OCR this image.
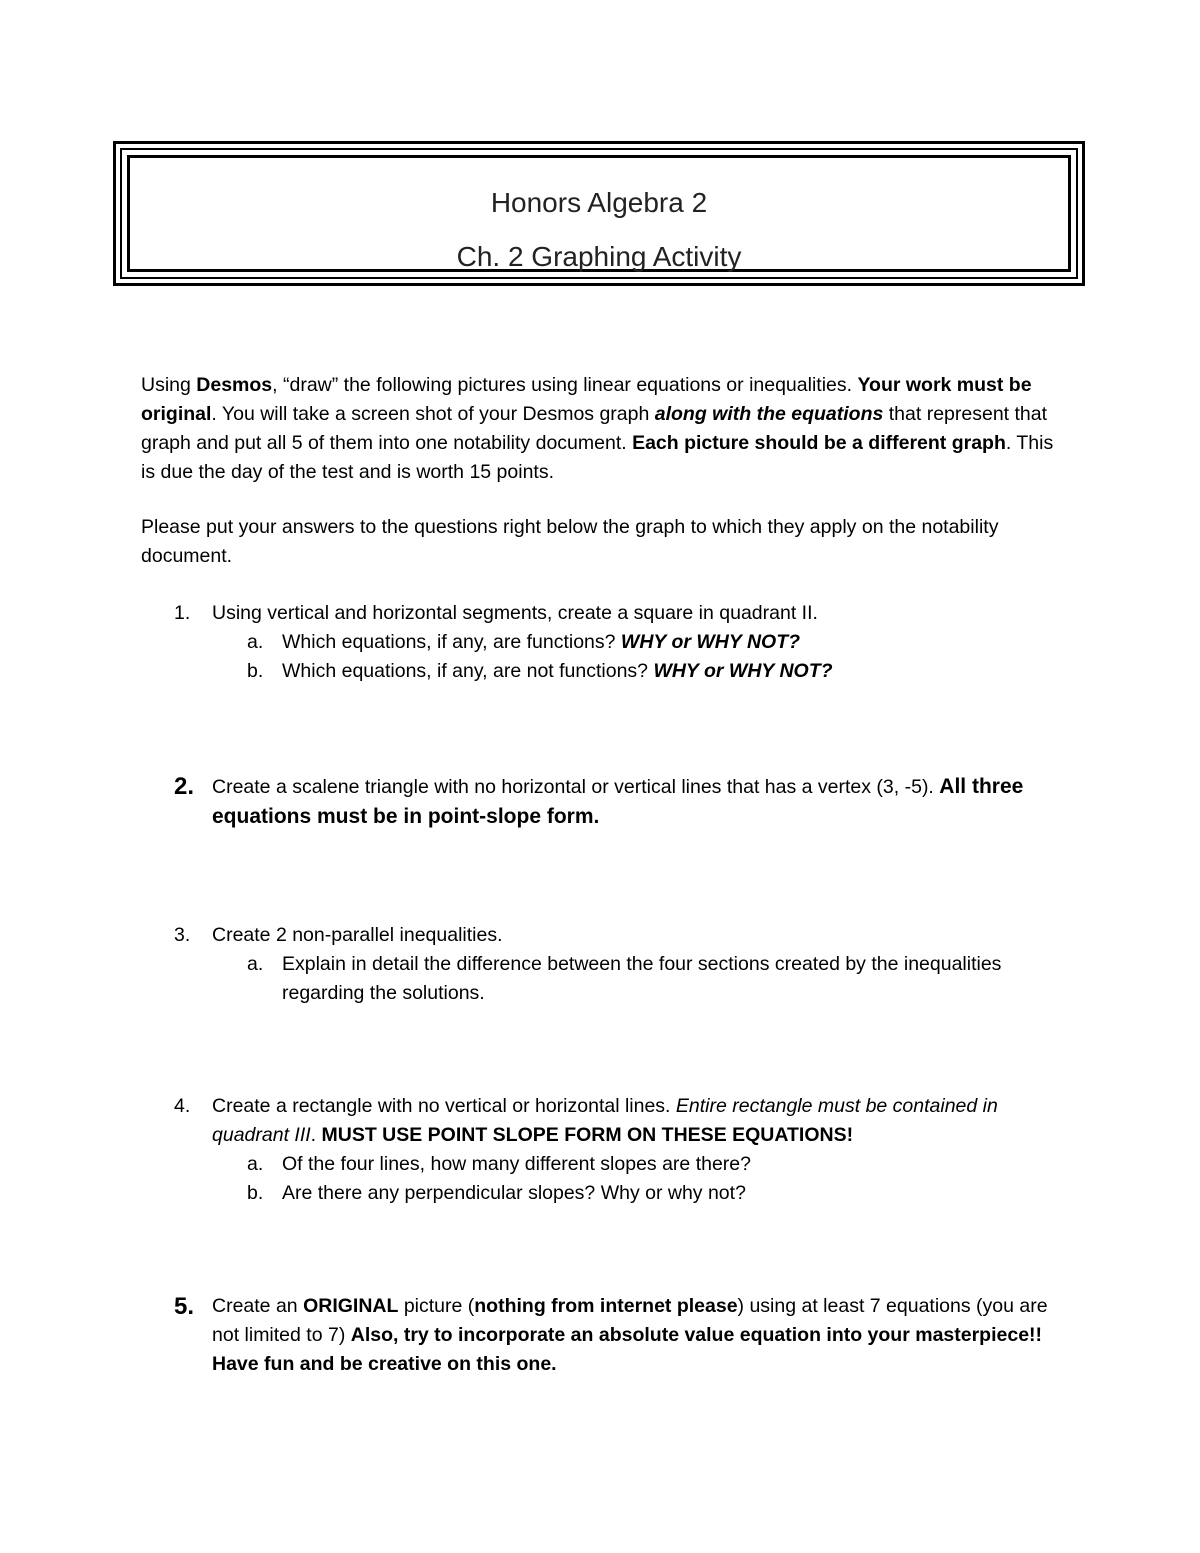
Honors Algebra 2
Ch. 2 Graphing Activity
Using Desmos, “draw” the following pictures using linear equations or inequalities. Your work must be original. You will take a screen shot of your Desmos graph along with the equations that represent that graph and put all 5 of them into one notability document. Each picture should be a different graph. This is due the day of the test and is worth 15 points.
Please put your answers to the questions right below the graph to which they apply on the notability document.
1.	Using vertical and horizontal segments, create a square in quadrant II.
a. Which equations, if any, are functions? WHY or WHY NOT?
b. Which equations, if any, are not functions? WHY or WHY NOT?
2. Create a scalene triangle with no horizontal or vertical lines that has a vertex (3, -5). All three equations must be in point-slope form.
3.	Create 2 non-parallel inequalities.
a. Explain in detail the difference between the four sections created by the inequalities regarding the solutions.
4.	Create a rectangle with no vertical or horizontal lines. Entire rectangle must be contained in quadrant III. MUST USE POINT SLOPE FORM ON THESE EQUATIONS!
a. Of the four lines, how many different slopes are there?
b. Are there any perpendicular slopes? Why or why not?
5. Create an ORIGINAL picture (nothing from internet please) using at least 7 equations (you are not limited to 7) Also, try to incorporate an absolute value equation into your masterpiece!! Have fun and be creative on this one.
